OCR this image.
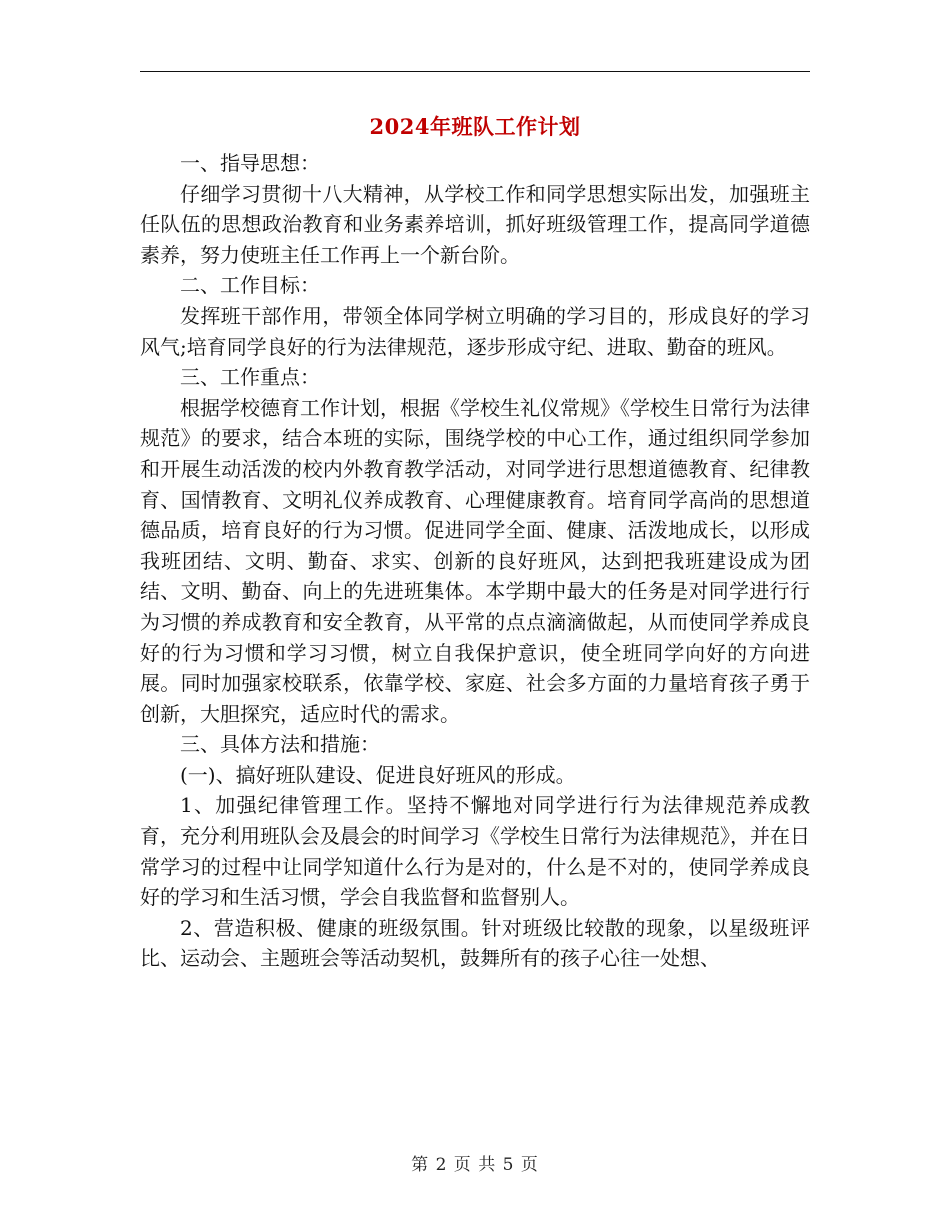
2024年班队工作计划

一、指导思想：

仔细学习贯彻十八大精神，从学校工作和同学思想实际出发，加强班主任队伍的思想政治教育和业务素养培训，抓好班级管理工作，提高同学道德素养，努力使班主任工作再上一个新台阶。

二、工作目标：

发挥班干部作用，带领全体同学树立明确的学习目的，形成良好的学习风气;培育同学良好的行为法律规范，逐步形成守纪、进取、勤奋的班风。

三、工作重点：

根据学校德育工作计划，根据《学校生礼仪常规》《学校生日常行为法律规范》的要求，结合本班的实际，围绕学校的中心工作，通过组织同学参加和开展生动活泼的校内外教育教学活动，对同学进行思想道德教育、纪律教育、国情教育、文明礼仪养成教育、心理健康教育。培育同学高尚的思想道德品质，培育良好的行为习惯。促进同学全面、健康、活泼地成长，以形成我班团结、文明、勤奋、求实、创新的良好班风，达到把我班建设成为团结、文明、勤奋、向上的先进班集体。本学期中最大的任务是对同学进行行为习惯的养成教育和安全教育，从平常的点点滴滴做起，从而使同学养成良好的行为习惯和学习习惯，树立自我保护意识，使全班同学向好的方向进展。同时加强家校联系，依靠学校、家庭、社会多方面的力量培育孩子勇于创新，大胆探究，适应时代的需求。

三、具体方法和措施：

(一)、搞好班队建设、促进良好班风的形成。

1、加强纪律管理工作。坚持不懈地对同学进行行为法律规范养成教育，充分利用班队会及晨会的时间学习《学校生日常行为法律规范》，并在日常学习的过程中让同学知道什么行为是对的，什么是不对的，使同学养成良好的学习和生活习惯，学会自我监督和监督别人。

2、营造积极、健康的班级氛围。针对班级比较散的现象，以星级班评比、运动会、主题班会等活动契机，鼓舞所有的孩子心往一处想、

第 2 页 共 5 页
